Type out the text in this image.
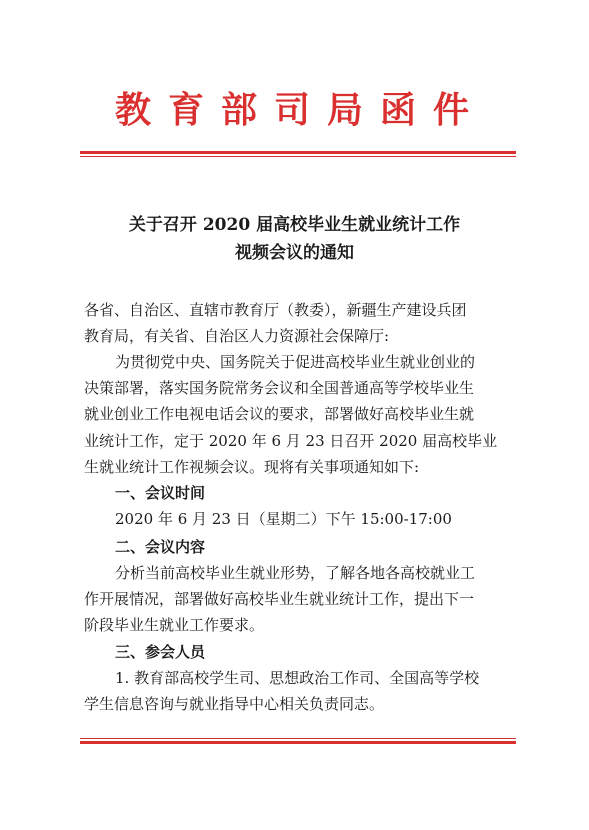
教育部司局函件
关于召开 2020 届高校毕业生就业统计工作
视频会议的通知
各省、自治区、直辖市教育厅（教委），新疆生产建设兵团
教育局，有关省、自治区人力资源社会保障厅:
为贯彻党中央、国务院关于促进高校毕业生就业创业的
决策部署，落实国务院常务会议和全国普通高等学校毕业生
就业创业工作电视电话会议的要求，部署做好高校毕业生就
业统计工作，定于 2020 年 6 月 23 日召开 2020 届高校毕业
生就业统计工作视频会议。现将有关事项通知如下:
一、会议时间
2020 年 6 月 23 日（星期二）下午 15:00-17:00
二、会议内容
分析当前高校毕业生就业形势，了解各地各高校就业工
作开展情况，部署做好高校毕业生就业统计工作，提出下一
阶段毕业生就业工作要求。
三、参会人员
1. 教育部高校学生司、思想政治工作司、全国高等学校
学生信息咨询与就业指导中心相关负责同志。
